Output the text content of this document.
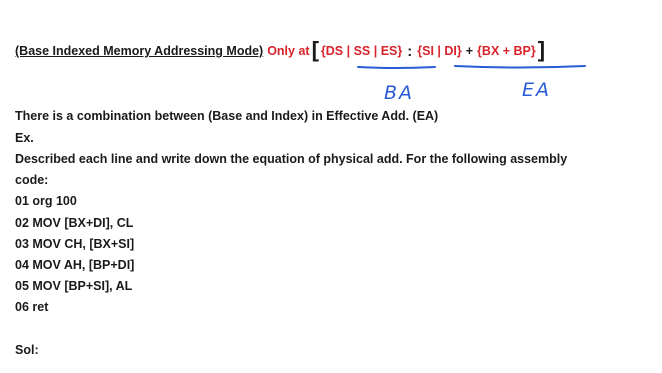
(Base Indexed Memory Addressing Mode) Only at [ {DS | SS | ES} : {SI | DI} + {BX + BP} ]
BA	EA
There is a combination between (Base and Index) in Effective Add. (EA)
Ex.
Described each line and write down the equation of physical add. For the following assembly
code:
01 org 100
02 MOV [BX+DI], CL
03 MOV CH, [BX+SI]
04 MOV AH, [BP+DI]
05 MOV [BP+SI], AL
06 ret
Sol:
